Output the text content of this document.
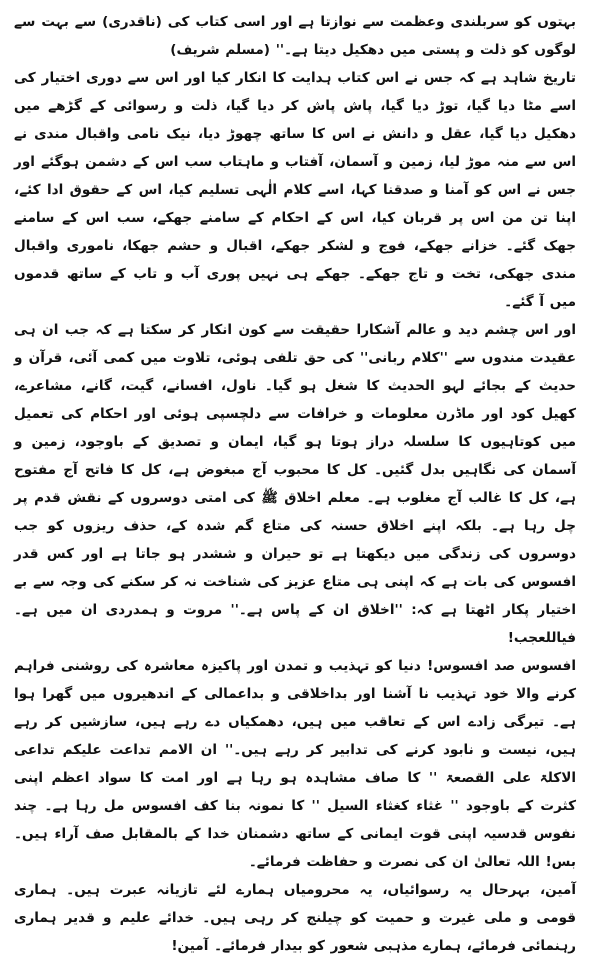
بہتوں کو سربلندی وعظمت سے نوازتا ہے اور اسی کتاب کی (ناقدری) سے بہت سے لوگوں کو ذلت و پستی میں دھکیل دیتا ہے۔'' (مسلم شریف)

تاریخ شاہد ہے کہ جس نے اس کتاب ہدایت کا انکار کیا اور اس سے دوری اختیار کی اسے مٹا دیا گیا، توڑ دیا گیا، پاش پاش کر دیا گیا، ذلت و رسوائی کے گڑھے میں دھکیل دیا گیا، عقل و دانش نے اس کا ساتھ چھوڑ دیا، نیک نامی واقبال مندی نے اس سے منہ موڑ لیا، زمین و آسمان، آفتاب و ماہتاب سب اس کے دشمن ہوگئے اور جس نے اس کو آمنا و صدقنا کہا، اسے کلام الٰہی تسلیم کیا، اس کے حقوق ادا کئے، اپنا تن من اس پر قربان کیا، اس کے احکام کے سامنے جھکے، سب اس کے سامنے جھک گئے۔ خزانے جھکے، فوج و لشکر جھکے، اقبال و حشم جھکا، ناموری واقبال مندی جھکی، تخت و تاج جھکے۔ جھکے ہی نہیں پوری آب و تاب کے ساتھ قدموں میں آ گئے۔

اور اس چشم دید و عالم آشکارا حقیقت سے کون انکار کر سکتا ہے کہ جب ان ہی عقیدت مندوں سے ''کلام ربانی'' کی حق تلفی ہوئی، تلاوت میں کمی آئی، قرآن و حدیث کے بجائے لہو الحدیث کا شغل ہو گیا۔ ناول، افسانے، گیت، گانے، مشاعرے، کھیل کود اور ماڈرن معلومات و خرافات سے دلچسپی ہوئی اور احکام کی تعمیل میں کوتاہیوں کا سلسلہ دراز ہوتا ہو گیا، ایمان و تصدیق کے باوجود، زمین و آسمان کی نگاہیں بدل گئیں۔ کل کا محبوب آج مبغوض ہے، کل کا فاتح آج مفتوح ہے، کل کا غالب آج مغلوب ہے۔ معلم اخلاق ﷺ کی امتی دوسروں کے نقش قدم پر چل رہا ہے۔ بلکہ اپنے اخلاق حسنہ کی متاع گم شدہ کے، حذف ریزوں کو جب دوسروں کی زندگی میں دیکھتا ہے تو حیران و ششدر ہو جاتا ہے اور کس قدر افسوس کی بات ہے کہ اپنی ہی متاع عزیز کی شناخت نہ کر سکنے کی وجہ سے بے اختیار پکار اٹھتا ہے کہ: ''اخلاق ان کے پاس ہے۔'' مروت و ہمدردی ان میں ہے۔ فیاللعجب!

افسوس صد افسوس! دنیا کو تہذیب و تمدن اور پاکیزہ معاشرہ کی روشنی فراہم کرنے والا خود تہذیب نا آشنا اور بداخلاقی و بداعمالی کے اندھیروں میں گھرا ہوا ہے۔ تیرگی زادے اس کے تعاقب میں ہیں، دھمکیاں دے رہے ہیں، سازشیں کر رہے ہیں، نیست و نابود کرنے کی تدابیر کر رہے ہیں۔'' ان الامم تداعت علیکم تداعی الاکلۃ علی القصعۃ '' کا صاف مشاہدہ ہو رہا ہے اور امت کا سواد اعظم اپنی کثرت کے باوجود '' غثاء کغثاء السیل '' کا نمونہ بنا کف افسوس مل رہا ہے۔ چند نفوس قدسیہ اپنی قوت ایمانی کے ساتھ دشمنان خدا کے بالمقابل صف آراء ہیں۔ بس! اللہ تعالیٰ ان کی نصرت و حفاظت فرمائے۔

آمین، بہرحال یہ رسوائیاں، یہ محرومیاں ہمارے لئے تازیانہ عبرت ہیں۔ ہماری قومی و ملی غیرت و حمیت کو چیلنج کر رہی ہیں۔ خدائے علیم و قدیر ہماری رہنمائی فرمائے، ہمارے مذہبی شعور کو بیدار فرمائے۔ آمین!
